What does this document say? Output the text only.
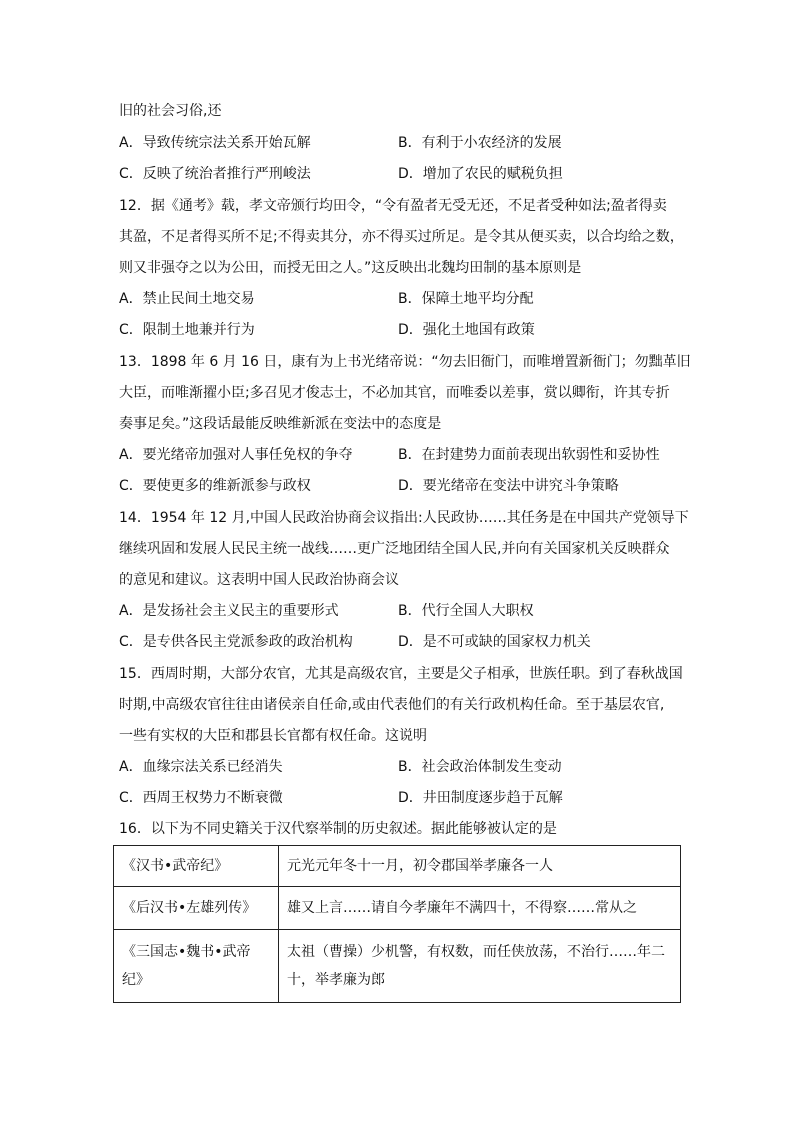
旧的社会习俗,还
A．导致传统宗法关系开始瓦解	B．有利于小农经济的发展
C．反映了统治者推行严刑峻法	D．增加了农民的赋税负担
12．据《通考》载，孝文帝颁行均田令，“令有盈者无受无还，不足者受种如法;盈者得卖
其盈，不足者得买所不足;不得卖其分，亦不得买过所足。是令其从便买卖，以合均给之数，
则又非强夺之以为公田，而授无田之人。”这反映出北魏均田制的基本原则是
A．禁止民间土地交易	B．保障土地平均分配
C．限制土地兼并行为	D．强化土地国有政策
13．1898 年 6 月 16 日，康有为上书光绪帝说：“勿去旧衙门，而唯增置新衙门；勿黜革旧
大臣，而唯渐擢小臣;多召见才俊志士，不必加其官，而唯委以差事，赏以卿衔，许其专折
奏事足矣。”这段话最能反映维新派在变法中的态度是
A．要光绪帝加强对人事任免权的争夺	B．在封建势力面前表现出软弱性和妥协性
C．要使更多的维新派参与政权	D．要光绪帝在变法中讲究斗争策略
14．1954 年 12 月,中国人民政治协商会议指出:人民政协……其任务是在中国共产党领导下
继续巩固和发展人民民主统一战线……更广泛地团结全国人民,并向有关国家机关反映群众
的意见和建议。这表明中国人民政治协商会议
A．是发扬社会主义民主的重要形式	B．代行全国人大职权
C．是专供各民主党派参政的政治机构	D．是不可或缺的国家权力机关
15．西周时期，大部分农官，尤其是高级农官，主要是父子相承，世族任职。到了春秋战国
时期,中高级农官往往由诸侯亲自任命,或由代表他们的有关行政机构任命。至于基层农官,
一些有实权的大臣和郡县长官都有权任命。这说明
A．血缘宗法关系已经消失	B．社会政治体制发生变动
C．西周王权势力不断衰微	D．井田制度逐步趋于瓦解
16．以下为不同史籍关于汉代察举制的历史叙述。据此能够被认定的是
《汉书•武帝纪》	元光元年冬十一月，初令郡国举孝廉各一人
《后汉书•左雄列传》	雄又上言……请自今孝廉年不满四十，不得察……常从之
《三国志•魏书•武帝纪》	太祖（曹操）少机警，有权数，而任侠放荡，不治行……年二十，举孝廉为郎
